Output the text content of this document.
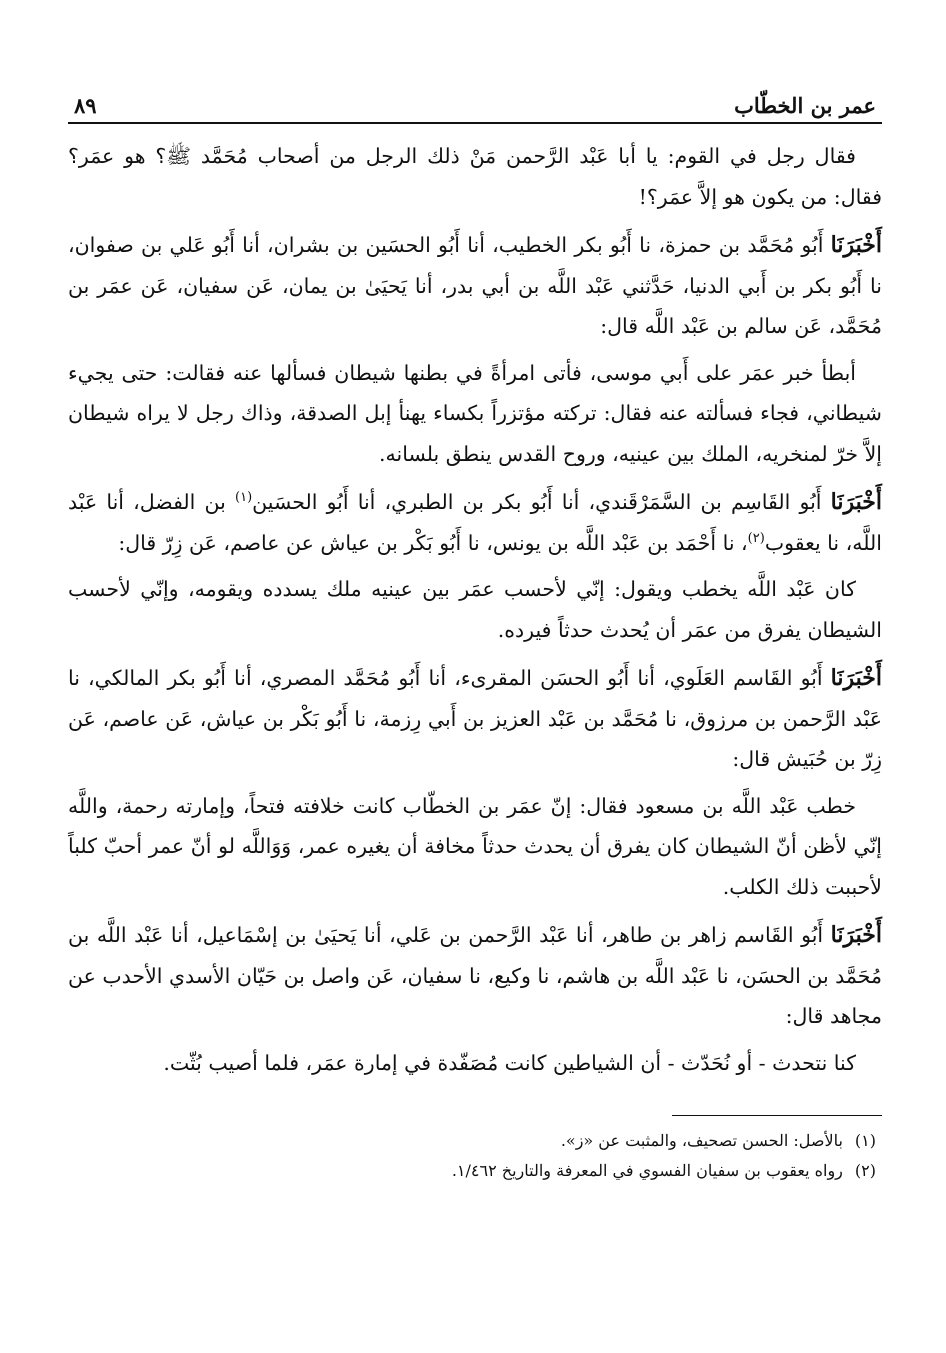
عمر بن الخطّاب
٨٩

فقال رجل في القوم: يا أبا عَبْد الرَّحمن مَنْ ذلك الرجل من أصحاب مُحَمَّد ﷺ؟ هو عمَر؟ فقال: من يكون هو إلاَّ عمَر؟!

أَخْبَرَنَا أَبُو مُحَمَّد بن حمزة، نا أَبُو بكر الخطيب، أنا أَبُو الحسَين بن بشران، أنا أَبُو عَلي بن صفوان، نا أَبُو بكر بن أَبي الدنيا، حَدَّثني عَبْد اللَّه بن أبي بدر، أنا يَحيَىٰ بن يمان، عَن سفيان، عَن عمَر بن مُحَمَّد، عَن سالم بن عَبْد اللَّه قال:

أبطأ خبر عمَر على أَبي موسى، فأتى امرأةً في بطنها شيطان فسألها عنه فقالت: حتى يجيء شيطاني، فجاء فسألته عنه فقال: تركته مؤتزراً بكساء يهنأ إبل الصدقة، وذاك رجل لا يراه شيطان إلاَّ خرّ لمنخريه، الملك بين عينيه، وروح القدس ينطق بلسانه.

أَخْبَرَنَا أَبُو القَاسِم بن السَّمَرْقَندي، أنا أَبُو بكر بن الطبري، أنا أَبُو الحسَين$^{(١)}$ بن الفضل، أنا عَبْد اللَّه، نا يعقوب$^{(٢)}$، نا أَحْمَد بن عَبْد اللَّه بن يونس، نا أَبُو بَكْر بن عياش عن عاصم، عَن زِرّ قال:

كان عَبْد اللَّه يخطب ويقول: إنّي لأحسب عمَر بين عينيه ملك يسدده ويقومه، وإنّي لأحسب الشيطان يفرق من عمَر أن يُحدث حدثاً فيرده.

أَخْبَرَنَا أَبُو القَاسم العَلَوي، أنا أَبُو الحسَن المقرىء، أنا أَبُو مُحَمَّد المصري، أنا أَبُو بكر المالكي، نا عَبْد الرَّحمن بن مرزوق، نا مُحَمَّد بن عَبْد العزيز بن أَبي رِزمة، نا أَبُو بَكْر بن عياش، عَن عاصم، عَن زِرّ بن حُبَيش قال:

خطب عَبْد اللَّه بن مسعود فقال: إنّ عمَر بن الخطّاب كانت خلافته فتحاً، وإمارته رحمة، واللَّه إنّي لأظن أنّ الشيطان كان يفرق أن يحدث حدثاً مخافة أن يغيره عمر، وَوَاللَّه لو أنّ عمر أحبّ كلباً لأحببت ذلك الكلب.

أَخْبَرَنَا أَبُو القَاسم زاهر بن طاهر، أنا عَبْد الرَّحمن بن عَلي، أنا يَحيَىٰ بن إسْمَاعيل، أنا عَبْد اللَّه بن مُحَمَّد بن الحسَن، نا عَبْد اللَّه بن هاشم، نا وكيع، نا سفيان، عَن واصل بن حَيّان الأسدي الأحدب عن مجاهد قال:

كنا نتحدث - أو نُحَدّث - أن الشياطين كانت مُصَفّدة في إمارة عمَر، فلما أصيب بُثّت.

(١)
بالأصل: الحسن تصحيف، والمثبت عن «ز».
(٢)
رواه يعقوب بن سفيان الفسوي في المعرفة والتاريخ ١/٤٦٢.
